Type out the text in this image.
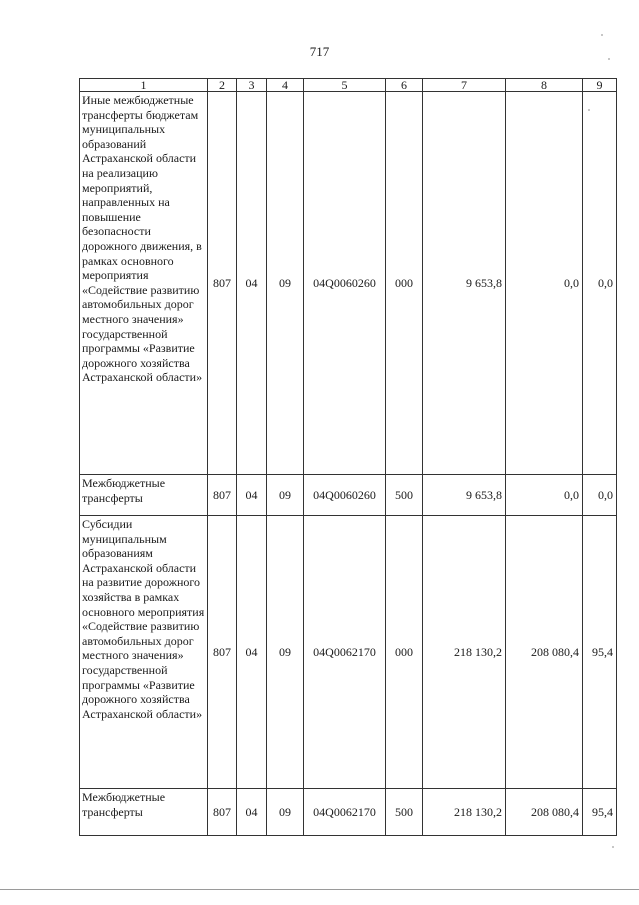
717
1	2	3	4	5	6	7	8	9
Иные межбюджетные трансферты бюджетам муниципальных образований Астраханской области на реализацию мероприятий, направленных на повышение безопасности дорожного движения, в рамках основного мероприятия «Содействие развитию автомобильных дорог местного значения» государственной программы «Развитие дорожного хозяйства Астраханской области»	807	04	09	04Q0060260	000	9 653,8	0,0	0,0
Межбюджетные трансферты	807	04	09	04Q0060260	500	9 653,8	0,0	0,0
Субсидии муниципальным образованиям Астраханской области на развитие дорожного хозяйства в рамках основного мероприятия «Содействие развитию автомобильных дорог местного значения» государственной программы «Развитие дорожного хозяйства Астраханской области»	807	04	09	04Q0062170	000	218 130,2	208 080,4	95,4
Межбюджетные трансферты	807	04	09	04Q0062170	500	218 130,2	208 080,4	95,4
